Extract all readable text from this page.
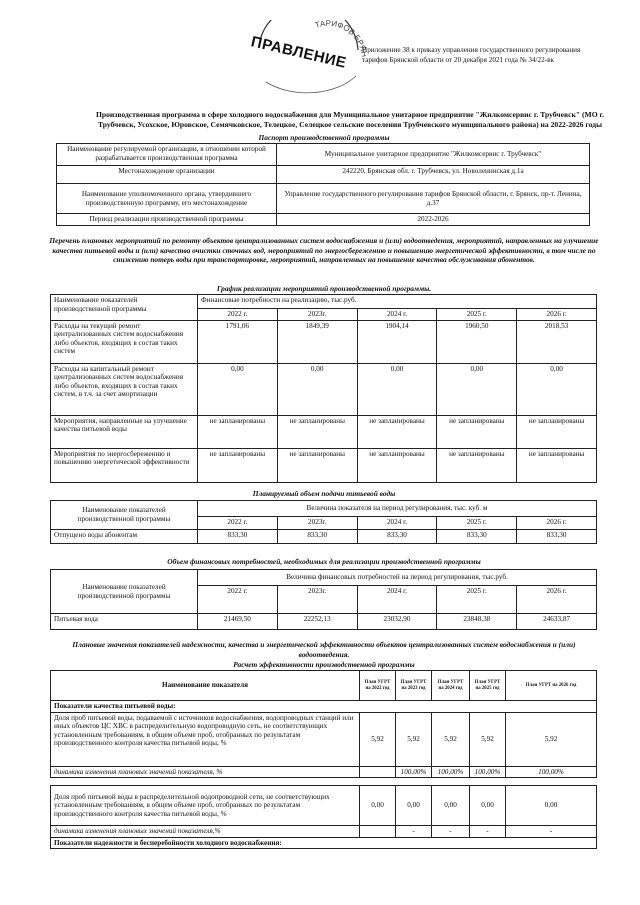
ТАРИФОВ БР
ПРАВЛЕНИЕ Приложение 38 к приказу управления государственного регулирования тарифов Брянской области от 20 декабря 2021 года № 34/22-вк
Производственная программа в сфере холодного водоснабжения для Муниципальное унитарное предприятие "Жилкомсервис г. Трубчевск" (МО г. Трубчевск, Усохское, Юровское, Семячковское, Телецкое, Селецкое сельские поселения Трубчевского муниципального района) на 2022-2026 годы
Паспорт производственной программы
Наименование регулируемой организации, в отношении которой разрабатывается производственная программа	Муниципальное унитарное предприятие "Жилкомсервис г. Трубчевск"
Местонахождение организации	242220, Брянская обл. г. Трубчевск, ул. Новоленинская д.1а
Наименование уполномоченного органа, утвердившего производственную программу, его местонахождение	Управление государственного регулирования тарифов Брянской области, г. Брянск, пр-т. Ленина, д.37
Период реализации производственной программы	2022-2026
Перечень плановых мероприятий по ремонту объектов централизованных систем водоснабжения и (или) водоотведения, мероприятий, направленных на улучшение качества питьевой воды и (или) качества очистки сточных вод, мероприятий по энергосбережению и повышению энергетической эффективности, в том числе по снижению потерь воды при транспортировке, мероприятий, направленных на повышение качества обслуживания абонентов.
График реализации мероприятий производственной программы.
Наименование показателей производственной программы	Финансовые потребности на реализацию, тыс.руб.				
	2022 г.	2023г.	2024 г.	2025 г.	2026 г.
Расходы на текущий ремонт централизованных систем водоснабжения либо объектов, входящих в состав таких систем	1791,06	1849,39	1904,14	1960,50	2018,53
Расходы на капитальный ремонт централизованных систем водоснабжения либо объектов, входящих в состав таких систем, в т.ч. за счет амортизации	0,00	0,00	0,00	0,00	0,00
Мероприятия, направленные на улучшение качества питьевой воды	не запланированы	не запланированы	не запланированы	не запланированы	не запланированы
Мероприятия по энергосбережению и повышению энергетической эффективности	не запланированы	не запланированы	не запланированы	не запланированы	не запланированы
Планируемый объем подачи питьевой воды
Наименование показателей производственной программы	Величина показателя на период регулирования, тыс. куб. м				
	2022 г.	2023г.	2024 г.	2025 г.	2026 г.
Отпущено воды абонентам	833,30	833,30	833,30	833,30	833,30
Объем финансовых потребностей, необходимых для реализации производственной программы
Наименование показателей производственной программы	Величина финансовых потребностей на период регулирования, тыс.руб.				
	2022 г.	2023г.	2024 г.	2025 г.	2026 г.
Питьевая вода	21469,50	22252,13	23032,90	23848,38	24633,87
Плановые значения показателей надежности, качества и энергетической эффективности объектов централизованных систем водоснабжения и (или) водоотведения.
Расчет эффективности производственной программы
Наименование показателя	План УГРТ на 2022 год	План УГРТ на 2023 год	План УГРТ на 2024 год	План УГРТ на 2025 год	План УГРТ на 2026 год
Показатели качества питьевой воды:					
Доля проб питьевой воды, подаваемой с источников водоснабжения, водопроводных станций или иных объектов ЦС ХВС в распределительную водопроводную сеть, не соответствующих установленным требованиям, в общем объеме проб, отобранных по результатам производственного контроля качества питьевой воды, %	5,92	5,92	5,92	5,92	5,92
динамика изменения плановых значений показателя, %		100,00%	100,00%	100,00%	100,00%

Доля проб питьевой воды в распределительной водопроводной сети, не соответствующих установленным требованиям, в общем объеме проб, отобранных по результатам производственного контроля качества питьевой воды, %	0,00	0,00	0,00	0,00	0,00
динамика изменения плановых значений показателя,%		-	-	-	-
Показатели надежности и бесперебойности холодного водоснабжения:					
